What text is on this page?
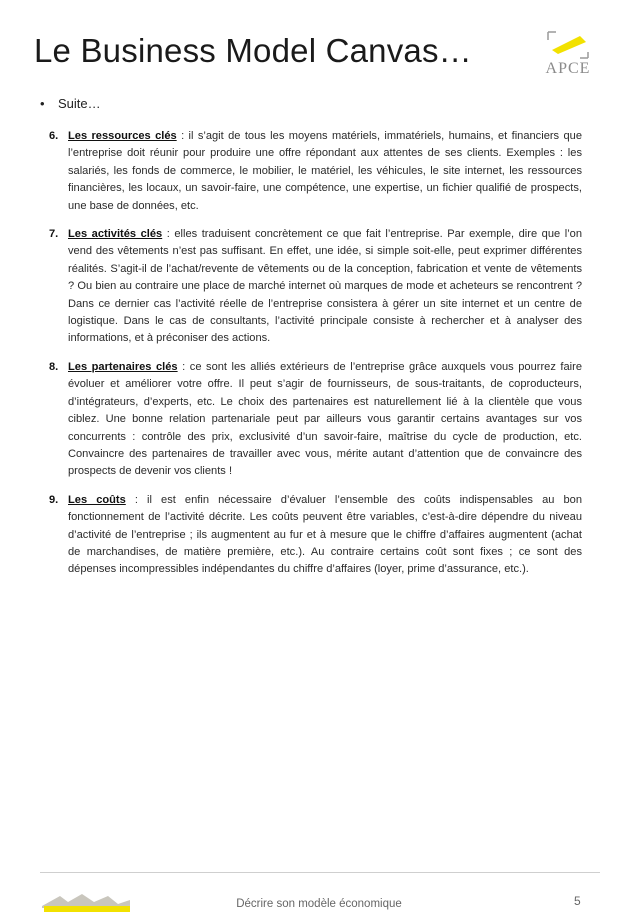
Le Business Model Canvas…	APCE
• Suite…
6. Les ressources clés : il s’agit de tous les moyens matériels, immatériels, humains, et financiers que l’entreprise doit réunir pour produire une offre répondant aux attentes de ses clients. Exemples : les salariés, les fonds de commerce, le mobilier, le matériel, les véhicules, le site internet, les ressources financières, les locaux, un savoir-faire, une compétence, une expertise, un fichier qualifié de prospects, une base de données, etc.
7. Les activités clés : elles traduisent concrètement ce que fait l’entreprise. Par exemple, dire que l’on vend des vêtements n’est pas suffisant. En effet, une idée, si simple soit-elle, peut exprimer différentes réalités. S’agit-il de l’achat/revente de vêtements ou de la conception, fabrication et vente de vêtements ? Ou bien au contraire une place de marché internet où marques de mode et acheteurs se rencontrent ? Dans ce dernier cas l’activité réelle de l’entreprise consistera à gérer un site internet et un centre de logistique. Dans le cas de consultants, l’activité principale consiste à rechercher et à analyser des informations, et à préconiser des actions.
8. Les partenaires clés : ce sont les alliés extérieurs de l’entreprise grâce auxquels vous pourrez faire évoluer et améliorer votre offre. Il peut s’agir de fournisseurs, de sous-traitants, de coproducteurs, d’intégrateurs, d’experts, etc. Le choix des partenaires est naturellement lié à la clientèle que vous ciblez. Une bonne relation partenariale peut par ailleurs vous garantir certains avantages sur vos concurrents : contrôle des prix, exclusivité d’un savoir-faire, maîtrise du cycle de production, etc. Convaincre des partenaires de travailler avec vous, mérite autant d’attention que de convaincre des prospects de devenir vos clients !
9. Les coûts : il est enfin nécessaire d’évaluer l’ensemble des coûts indispensables au bon fonctionnement de l’activité décrite. Les coûts peuvent être variables, c’est-à-dire dépendre du niveau d’activité de l’entreprise ; ils augmentent au fur et à mesure que le chiffre d’affaires augmentent (achat de marchandises, de matière première, etc.). Au contraire certains coût sont fixes ; ce sont des dépenses incompressibles indépendantes du chiffre d’affaires (loyer, prime d’assurance, etc.).
Décrire son modèle économique	5
